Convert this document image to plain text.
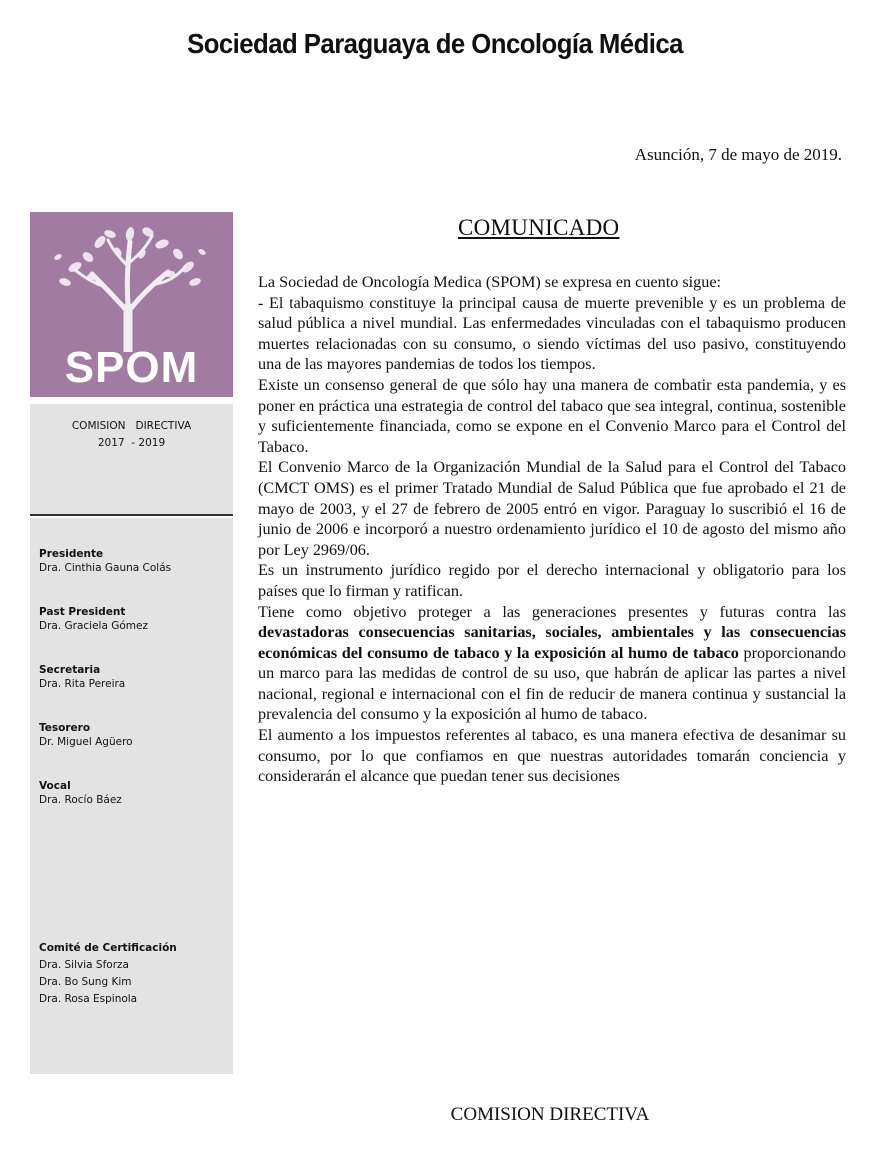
Sociedad Paraguaya de Oncología Médica
Asunción, 7 de mayo de 2019.
SPOM
COMISION   DIRECTIVA
2017  - 2019
Presidente
Dra. Cinthia Gauna Colás
Past President
Dra. Graciela Gómez
Secretaria
Dra. Rita Pereira
Tesorero
Dr. Miguel Agüero
Vocal
Dra. Rocío Báez
Comité de Certificación
Dra. Silvia Sforza
Dra. Bo Sung Kim
Dra. Rosa Espinola
COMUNICADO

La Sociedad de Oncología Medica (SPOM) se expresa en cuento sigue:

- El tabaquismo constituye la principal causa de muerte prevenible y es un problema de salud pública a nivel mundial. Las enfermedades vinculadas con el tabaquismo producen muertes relacionadas con su consumo, o siendo víctimas del uso pasivo, constituyendo una de las mayores pandemias de todos los tiempos.

Existe un consenso general de que sólo hay una manera de combatir esta pandemia, y es poner en práctica una estrategia de control del tabaco que sea integral, continua, sostenible y suficientemente financiada, como se expone en el Convenio Marco para el Control del Tabaco.

El Convenio Marco de la Organización Mundial de la Salud para el Control del Tabaco (CMCT OMS) es el primer Tratado Mundial de Salud Pública que fue aprobado el 21 de mayo de 2003, y el 27 de febrero de 2005 entró en vigor. Paraguay lo suscribió el 16 de junio de 2006 e incorporó a nuestro ordenamiento jurídico el 10 de agosto del mismo año por Ley 2969/06.

Es un instrumento jurídico regido por el derecho internacional y obligatorio para los países que lo firman y ratifican.

Tiene como objetivo proteger a las generaciones presentes y futuras contra las devastadoras consecuencias sanitarias, sociales, ambientales y las consecuencias económicas del consumo de tabaco y la exposición al humo de tabaco proporcionando un marco para las medidas de control de su uso, que habrán de aplicar las partes a nivel nacional, regional e internacional con el fin de reducir de manera continua y sustancial la prevalencia del consumo y la exposición al humo de tabaco.

El aumento a los impuestos referentes al tabaco, es una manera efectiva de desanimar su consumo, por lo que confiamos en que nuestras autoridades tomarán conciencia y considerarán el alcance que puedan tener sus decisiones

COMISION DIRECTIVA
